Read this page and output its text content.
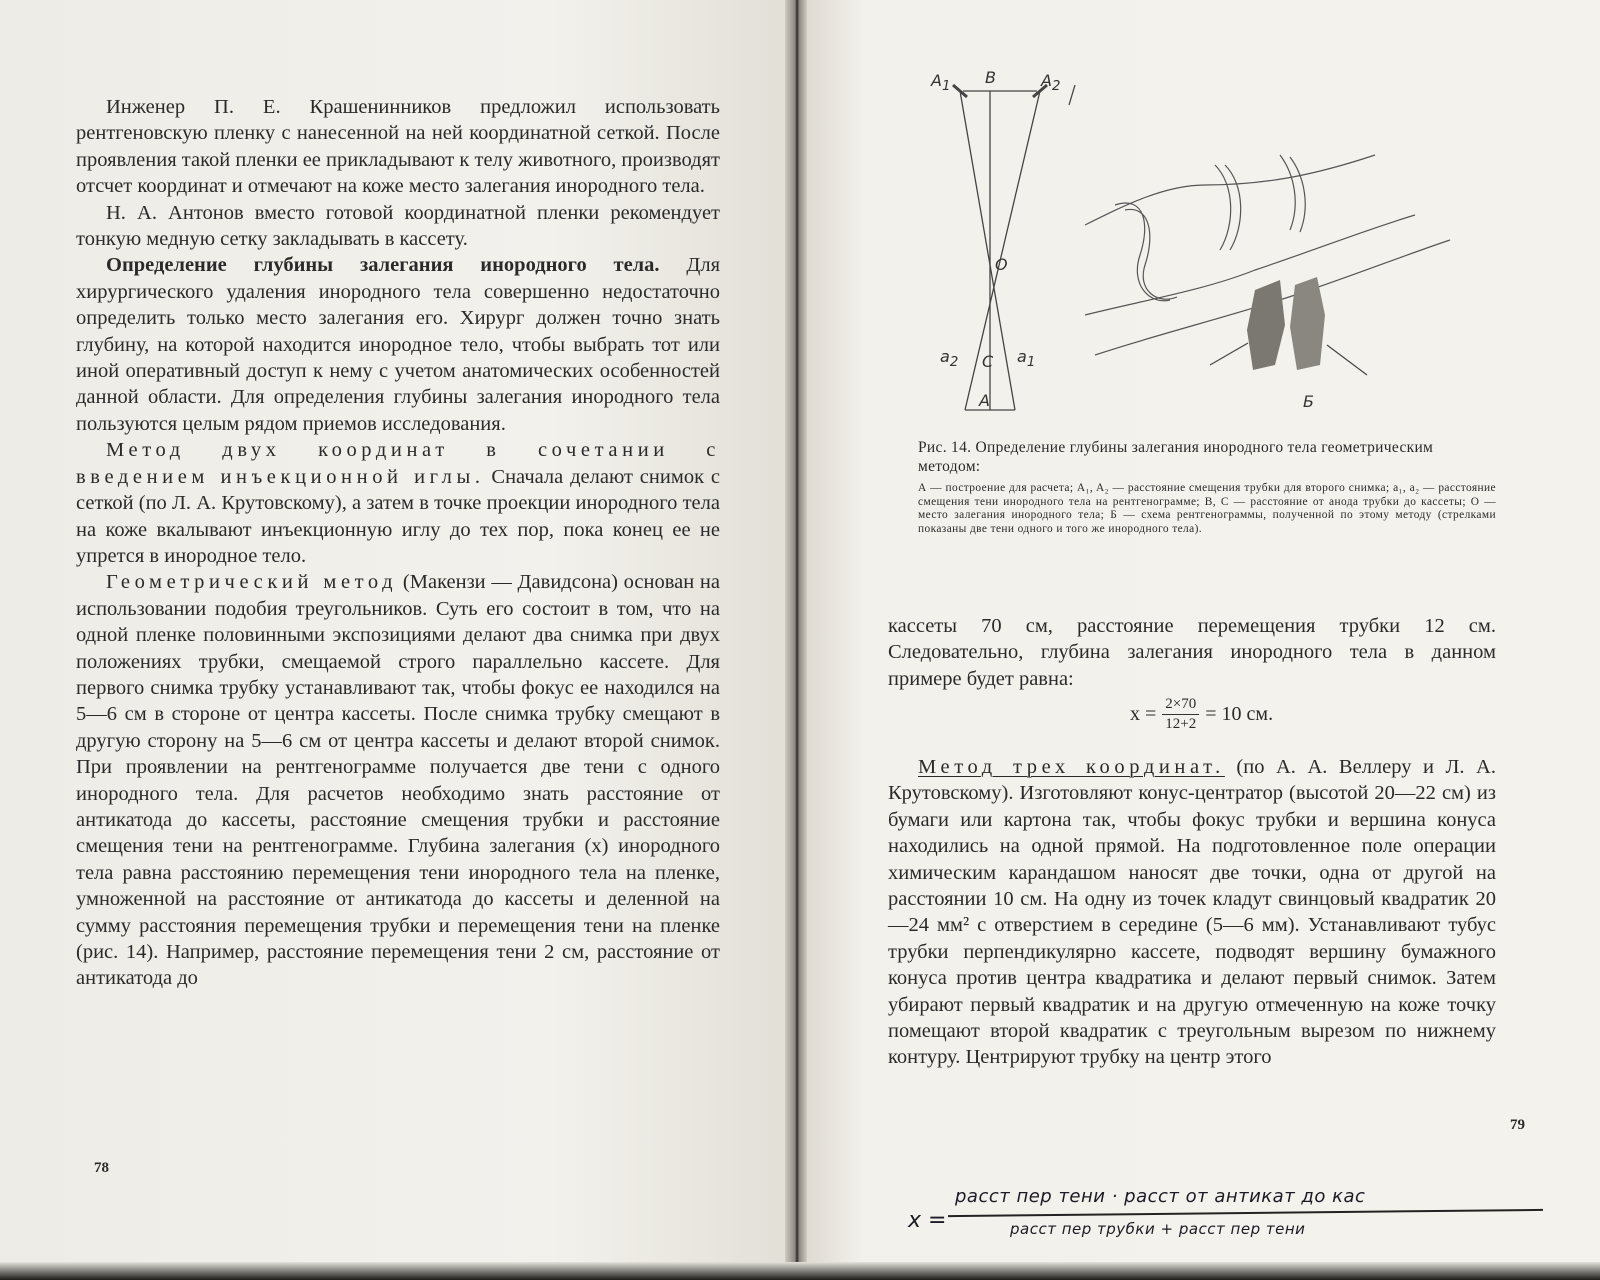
Инженер П. Е. Крашенинников предложил использовать рентгеновскую пленку с нанесенной на ней координатной сеткой. После проявления такой пленки ее прикладывают к телу животного, производят отсчет координат и отмечают на коже место залегания инородного тела.

Н. А. Антонов вместо готовой координатной пленки рекомендует тонкую медную сетку закладывать в кассету.

Определение глубины залегания инородного тела. Для хирургического удаления инородного тела совершенно недостаточно определить только место залегания его. Хирург должен точно знать глубину, на которой находится инородное тело, чтобы выбрать тот или иной оперативный доступ к нему с учетом анатомических особенностей данной области. Для определения глубины залегания инородного тела пользуются целым рядом приемов исследования.

Метод двух координат в сочетании с введением инъекционной иглы. Сначала делают снимок с сеткой (по Л. А. Крутовскому), а затем в точке проекции инородного тела на коже вкалывают инъекционную иглу до тех пор, пока конец ее не упрется в инородное тело.

Геометрический метод (Макензи — Давидсона) основан на использовании подобия треугольников. Суть его состоит в том, что на одной пленке половинными экспозициями делают два снимка при двух положениях трубки, смещаемой строго параллельно кассете. Для первого снимка трубку устанавливают так, чтобы фокус ее находился на 5—6 см в стороне от центра кассеты. После снимка трубку смещают в другую сторону на 5—6 см от центра кассеты и делают второй снимок. При проявлении на рентгенограмме получается две тени с одного инородного тела. Для расчетов необходимо знать расстояние от антикатода до кассеты, расстояние смещения трубки и расстояние смещения тени на рентгенограмме. Глубина залегания (x) инородного тела равна расстоянию перемещения тени инородного тела на пленке, умноженной на расстояние от антикатода до кассеты и деленной на сумму расстояния перемещения трубки и перемещения тени на пленке (рис. 14). Например, расстояние перемещения тени 2 см, расстояние от антикатода до

78
$A_1$ B	$A_2$
O
$a_2$ C $a_1$
A	Б

Рис. 14. Определение глубины залегания инородного тела геометрическим методом:

А — построение для расчета; A₁, A₂ — расстояние смещения трубки для второго снимка; a₁, a₂ — расстояние смещения тени инородного тела на рентгенограмме; В, С — расстояние от анода трубки до кассеты; О — место залегания инородного тела; Б — схема рентгенограммы, полученной по этому методу (стрелками показаны две тени одного и того же инородного тела).

кассеты 70 см, расстояние перемещения трубки 12 см. Следовательно, глубина залегания инородного тела в данном примере будет равна:

$x = \frac{2\times 70}{12+2} = 10$ см.

Метод трех координат. (по А. А. Веллеру и Л. А. Крутовскому). Изготовляют конус-центратор (высотой 20—22 см) из бумаги или картона так, чтобы фокус трубки и вершина конуса находились на одной прямой. На подготовленное поле операции химическим карандашом наносят две точки, одна от другой на расстоянии 10 см. На одну из точек кладут свинцовый квадратик 20—24 мм² с отверстием в середине (5—6 мм). Устанавливают тубус трубки перпендикулярно кассете, подводят вершину бумажного конуса против центра квадратика и делают первый снимок. Затем убирают первый квадратик и на другую отмеченную на коже точку помещают второй квадратик с треугольным вырезом по нижнему контуру. Центрируют трубку на центр этого

79
x =
расст пер тени · расст от антикат до кас
расст пер трубки + расст пер тени
